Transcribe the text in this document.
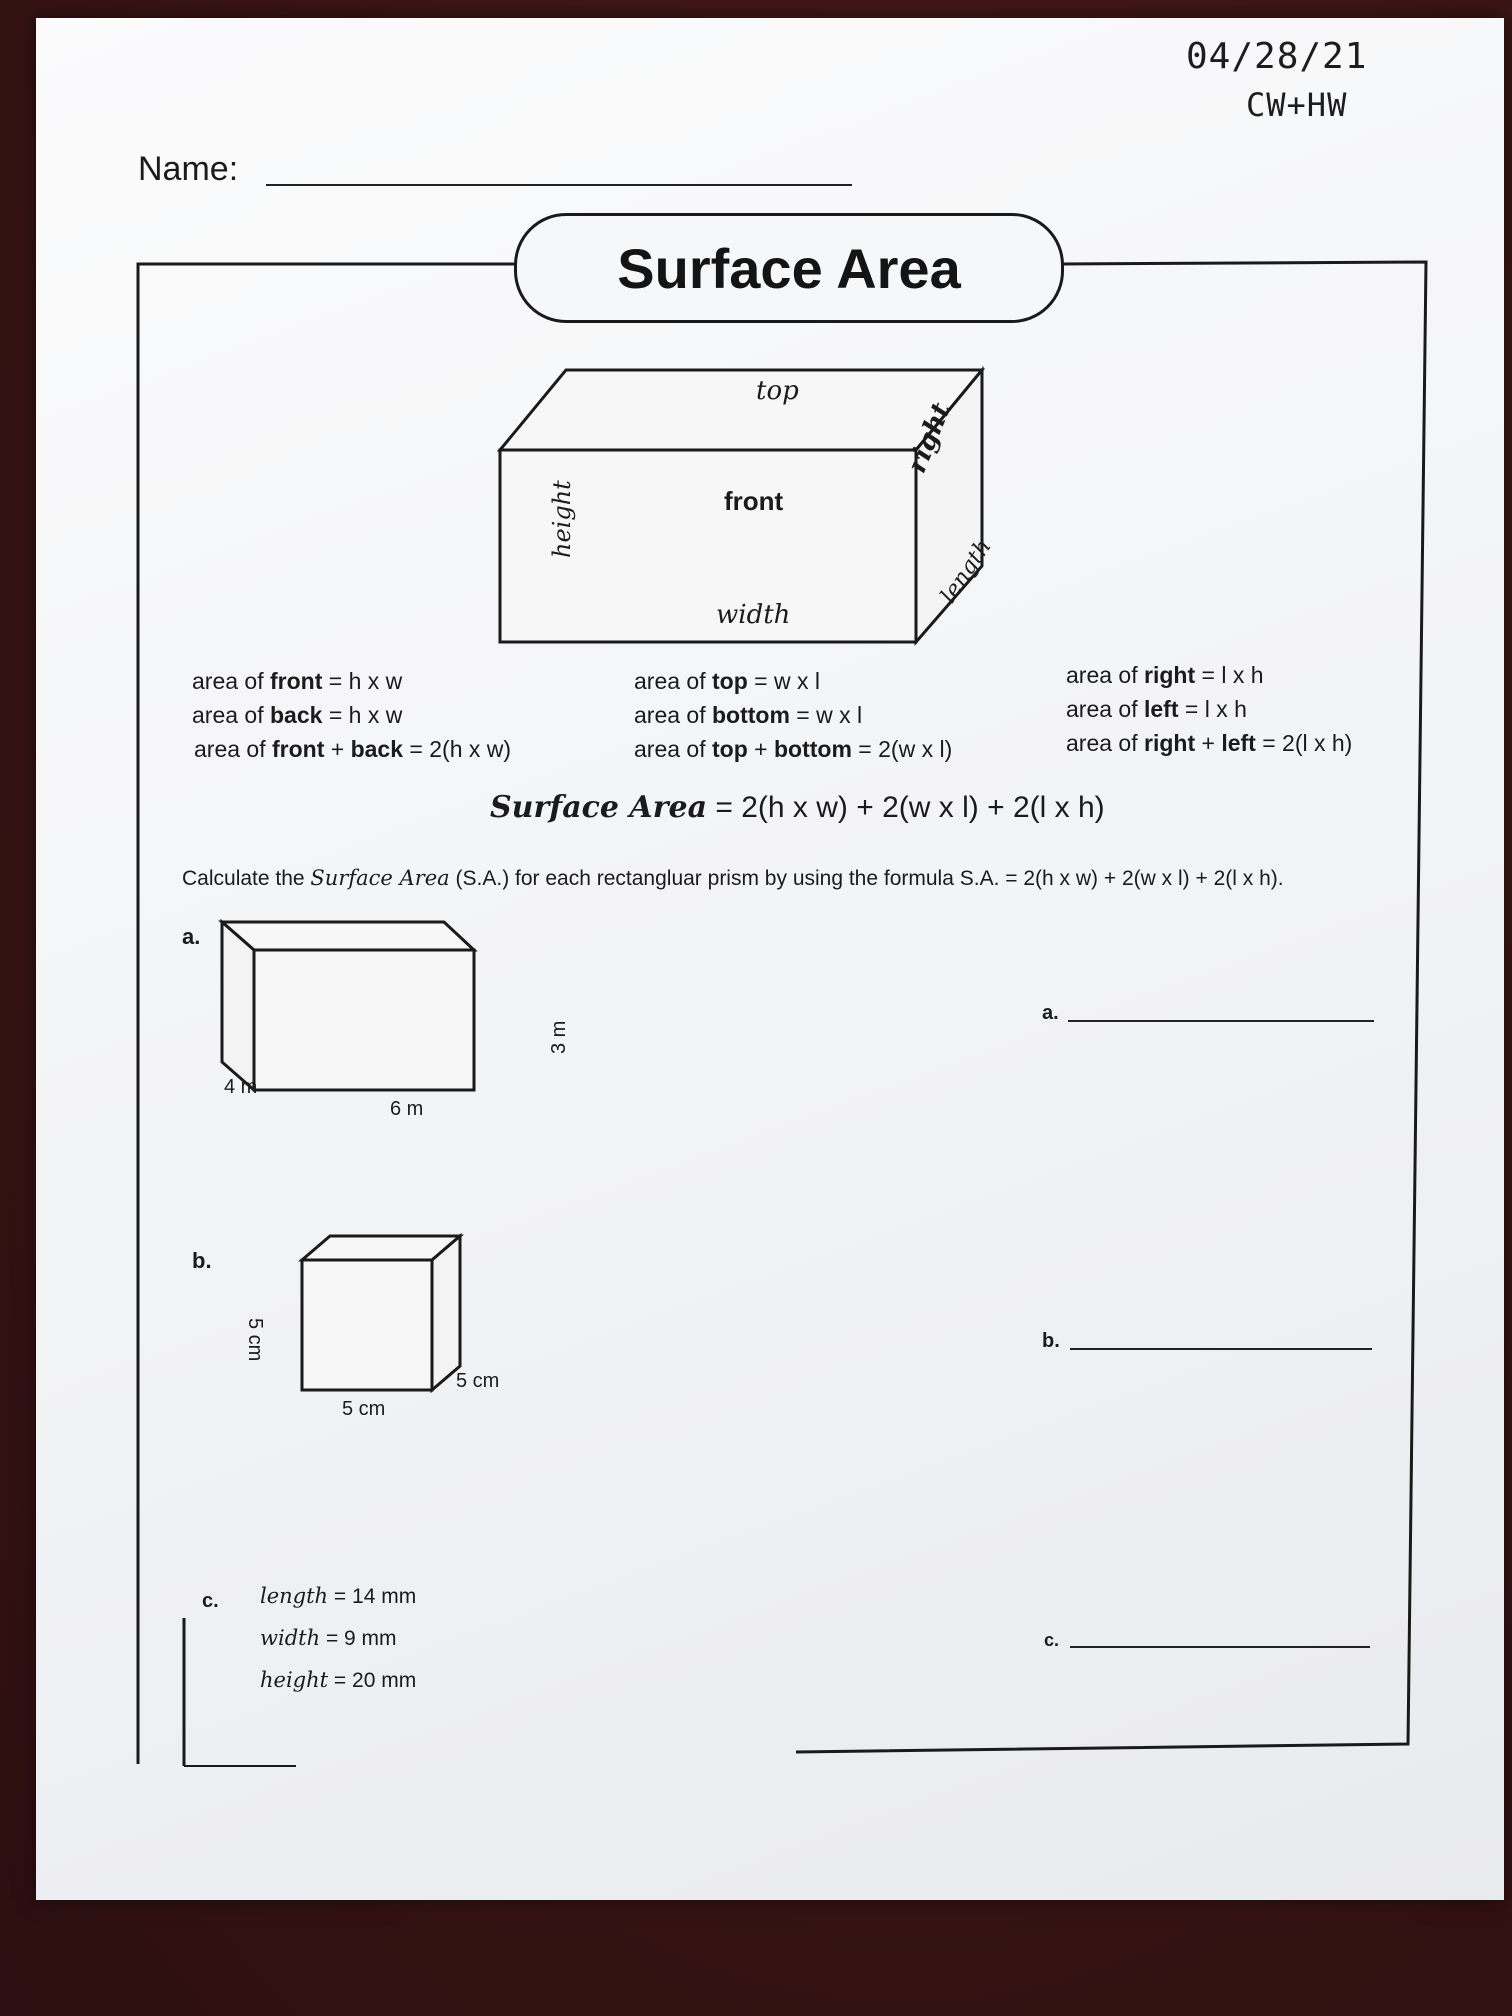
04/28/21
CW+HW
Name:
Surface Area
top
front
right
height
width
length
area of front = h x w
area of back = h x w
area of front + back = 2(h x w)
area of top = w x l
area of bottom = w x l
area of top + bottom = 2(w x l)
area of right = l x h
area of left = l x h
area of right + left = 2(l x h)
Surface Area = 2(h x w) + 2(w x l) + 2(l x h)
Calculate the Surface Area (S.A.) for each rectangluar prism by using the formula S.A. = 2(h x w) + 2(w x l) + 2(l x h).
a.
4 m
6 m
3 m
a.
b.
5 cm
5 cm
5 cm
b.
c. length = 14 mm
width = 9 mm
height = 20 mm
c.
